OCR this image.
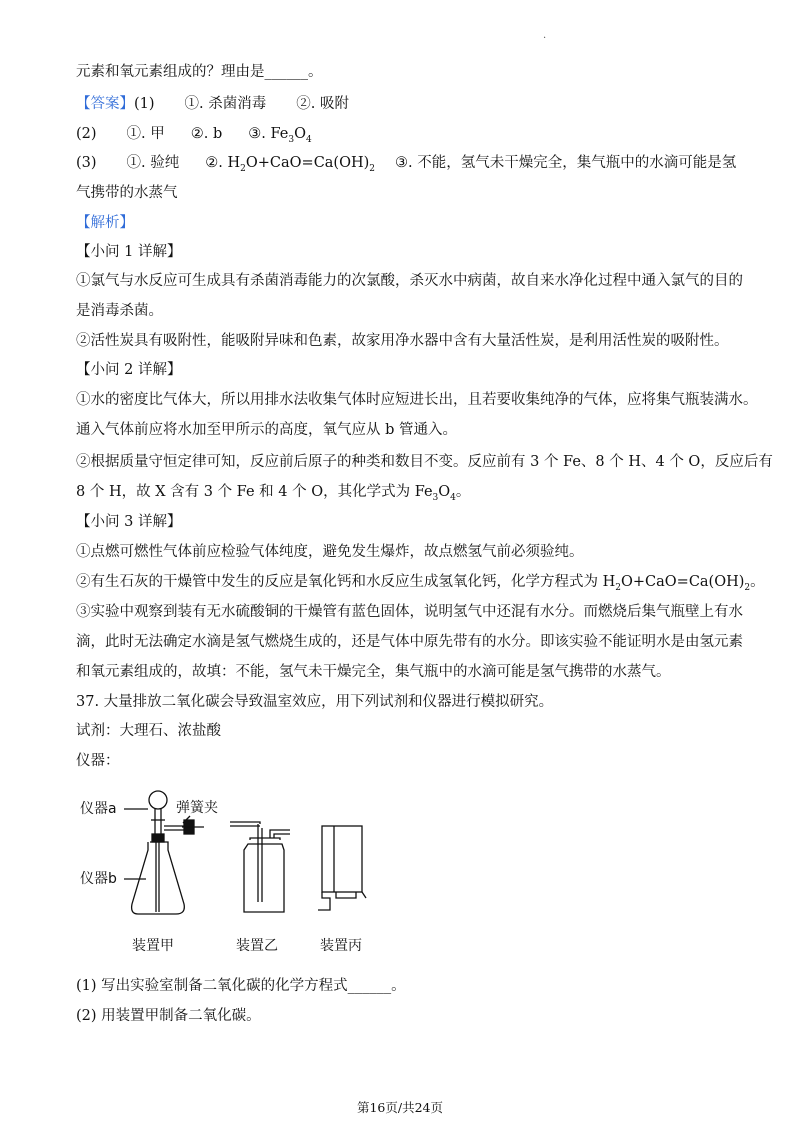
.
元素和氧元素组成的？理由是______。
【答案】(1) ①. 杀菌消毒 ②. 吸附
(2) ①. 甲 ②. b ③. $Fe_3O_4$
(3) ①. 验纯 ②. $H_2O+CaO=Ca(OH)_2$ ③. 不能，氢气未干燥完全，集气瓶中的水滴可能是氢
气携带的水蒸气
【解析】
【小问 1 详解】
①氯气与水反应可生成具有杀菌消毒能力的次氯酸，杀灭水中病菌，故自来水净化过程中通入氯气的目的
是消毒杀菌。
②活性炭具有吸附性，能吸附异味和色素，故家用净水器中含有大量活性炭，是利用活性炭的吸附性。
【小问 2 详解】
①水的密度比气体大，所以用排水法收集气体时应短进长出，且若要收集纯净的气体，应将集气瓶装满水。
通入气体前应将水加至甲所示的高度，氧气应从 b 管通入。
②根据质量守恒定律可知，反应前后原子的种类和数目不变。反应前有 3 个 Fe、8 个 H、4 个 O，反应后有
8 个 H，故 X 含有 3 个 Fe 和 4 个 O，其化学式为 $Fe_3O_4$。
【小问 3 详解】
①点燃可燃性气体前应检验气体纯度，避免发生爆炸，故点燃氢气前必须验纯。
②有生石灰的干燥管中发生的反应是氧化钙和水反应生成氢氧化钙，化学方程式为 $H_2O+CaO=Ca(OH)_2$。
③实验中观察到装有无水硫酸铜的干燥管有蓝色固体，说明氢气中还混有水分。而燃烧后集气瓶壁上有水
滴，此时无法确定水滴是氢气燃烧生成的，还是气体中原先带有的水分。即该实验不能证明水是由氢元素
和氧元素组成的，故填：不能，氢气未干燥完全，集气瓶中的水滴可能是氢气携带的水蒸气。
37. 大量排放二氧化碳会导致温室效应，用下列试剂和仪器进行模拟研究。
试剂：大理石、浓盐酸
仪器：
仪器a	弹簧夹
仪器b
装置甲	装置乙	装置丙
(1) 写出实验室制备二氧化碳的化学方程式______。
(2) 用装置甲制备二氧化碳。
第16页/共24页
